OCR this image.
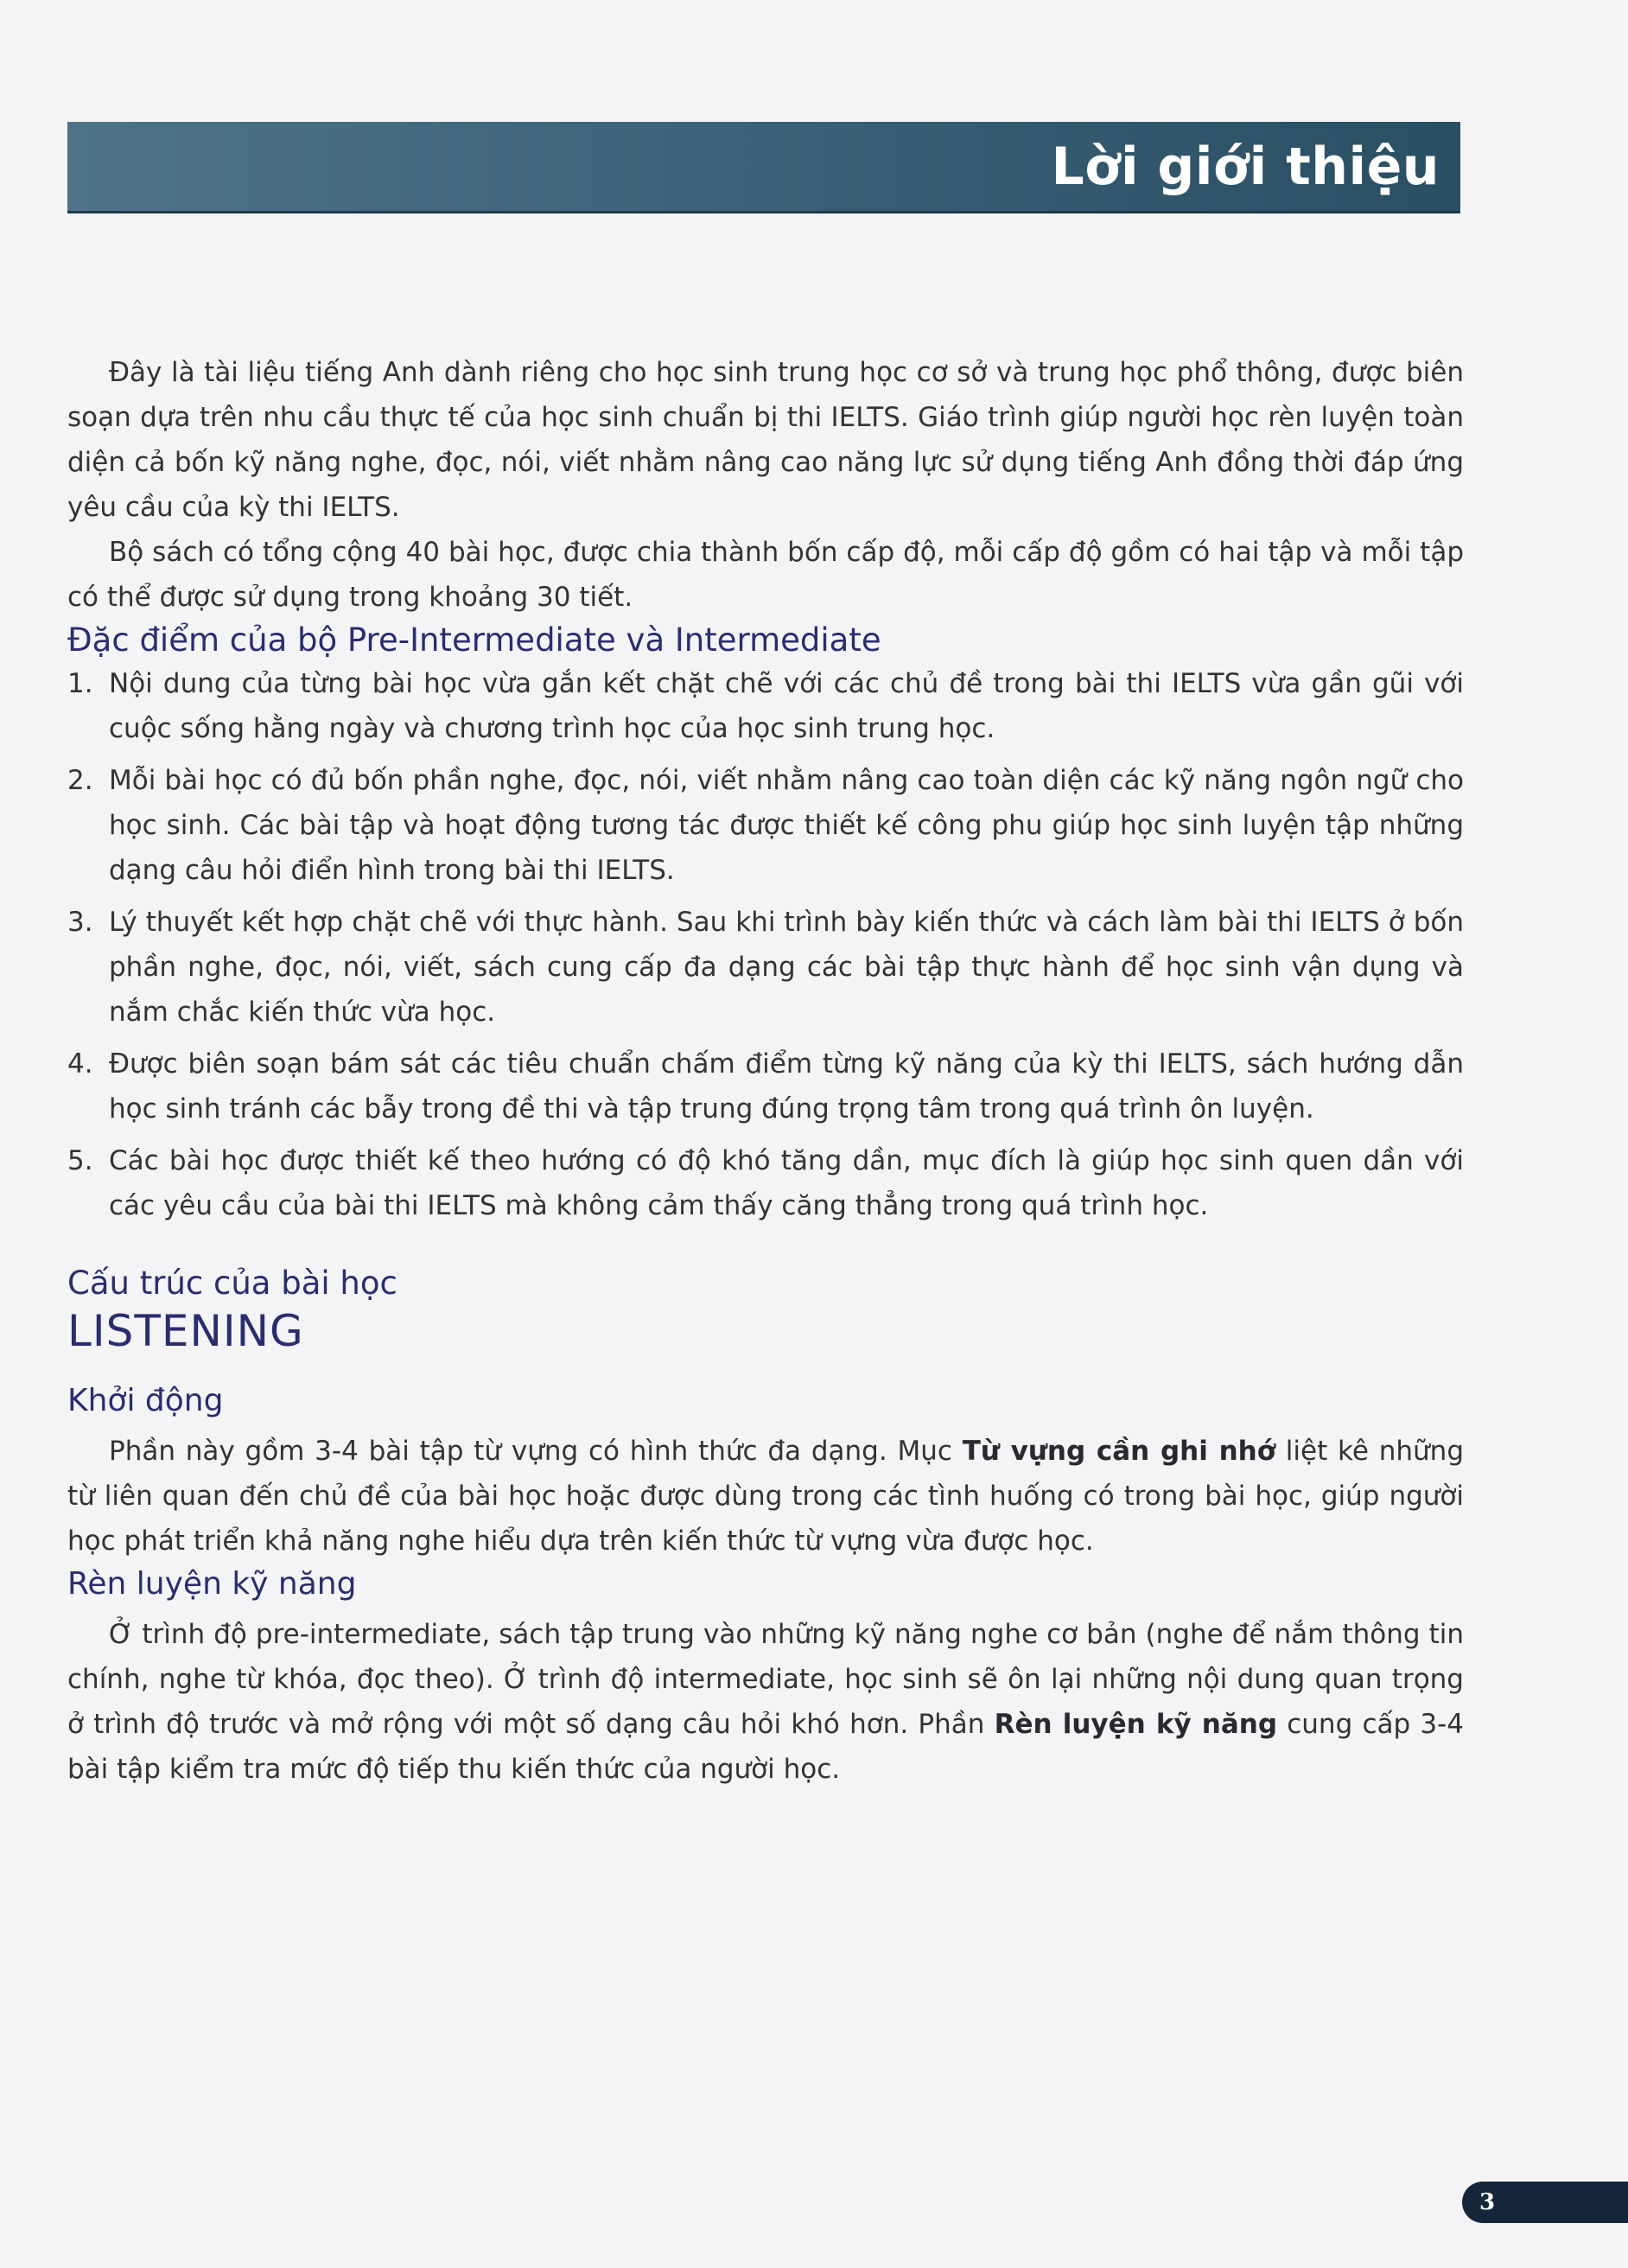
Lời giới thiệu

Đây là tài liệu tiếng Anh dành riêng cho học sinh trung học cơ sở và trung học phổ thông, được biên soạn dựa trên nhu cầu thực tế của học sinh chuẩn bị thi IELTS. Giáo trình giúp người học rèn luyện toàn diện cả bốn kỹ năng nghe, đọc, nói, viết nhằm nâng cao năng lực sử dụng tiếng Anh đồng thời đáp ứng yêu cầu của kỳ thi IELTS.

Bộ sách có tổng cộng 40 bài học, được chia thành bốn cấp độ, mỗi cấp độ gồm có hai tập và mỗi tập có thể được sử dụng trong khoảng 30 tiết.

Đặc điểm của bộ Pre-Intermediate và Intermediate
1. Nội dung của từng bài học vừa gắn kết chặt chẽ với các chủ đề trong bài thi IELTS vừa gần gũi với cuộc sống hằng ngày và chương trình học của học sinh trung học.
2. Mỗi bài học có đủ bốn phần nghe, đọc, nói, viết nhằm nâng cao toàn diện các kỹ năng ngôn ngữ cho học sinh. Các bài tập và hoạt động tương tác được thiết kế công phu giúp học sinh luyện tập những dạng câu hỏi điển hình trong bài thi IELTS.
3. Lý thuyết kết hợp chặt chẽ với thực hành. Sau khi trình bày kiến thức và cách làm bài thi IELTS ở bốn phần nghe, đọc, nói, viết, sách cung cấp đa dạng các bài tập thực hành để học sinh vận dụng và nắm chắc kiến thức vừa học.
4. Được biên soạn bám sát các tiêu chuẩn chấm điểm từng kỹ năng của kỳ thi IELTS, sách hướng dẫn học sinh tránh các bẫy trong đề thi và tập trung đúng trọng tâm trong quá trình ôn luyện.
5. Các bài học được thiết kế theo hướng có độ khó tăng dần, mục đích là giúp học sinh quen dần với các yêu cầu của bài thi IELTS mà không cảm thấy căng thẳng trong quá trình học.
Cấu trúc của bài học
LISTENING
Khởi động

Phần này gồm 3-4 bài tập từ vựng có hình thức đa dạng. Mục Từ vựng cần ghi nhớ liệt kê những từ liên quan đến chủ đề của bài học hoặc được dùng trong các tình huống có trong bài học, giúp người học phát triển khả năng nghe hiểu dựa trên kiến thức từ vựng vừa được học.

Rèn luyện kỹ năng

Ở trình độ pre-intermediate, sách tập trung vào những kỹ năng nghe cơ bản (nghe để nắm thông tin chính, nghe từ khóa, đọc theo). Ở trình độ intermediate, học sinh sẽ ôn lại những nội dung quan trọng ở trình độ trước và mở rộng với một số dạng câu hỏi khó hơn. Phần Rèn luyện kỹ năng cung cấp 3-4 bài tập kiểm tra mức độ tiếp thu kiến thức của người học.

3
